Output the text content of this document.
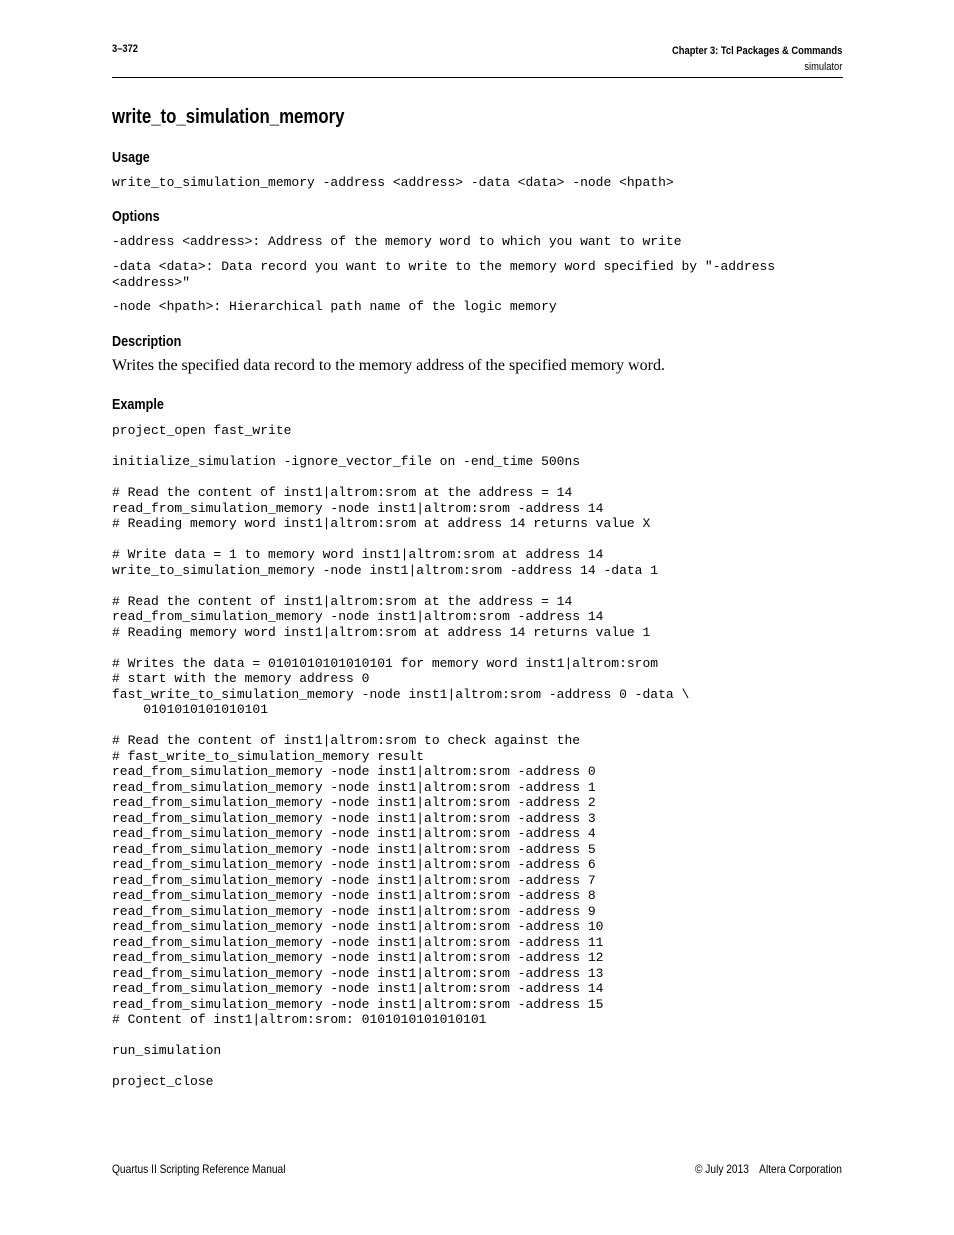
3–372	Chapter 3: Tcl Packages & Commands
simulator
write_to_simulation_memory
Usage

write_to_simulation_memory -address <address> -data <data> -node <hpath>

Options

-address <address>: Address of the memory word to which you want to write

-data <data>: Data record you want to write to the memory word specified by "-address <address>"

-node <hpath>: Hierarchical path name of the logic memory

Description

Writes the specified data record to the memory address of the specified memory word.

Example
project_open fast_write

initialize_simulation -ignore_vector_file on -end_time 500ns

# Read the content of inst1|altrom:srom at the address = 14
read_from_simulation_memory -node inst1|altrom:srom -address 14
# Reading memory word inst1|altrom:srom at address 14 returns value X

# Write data = 1 to memory word inst1|altrom:srom at address 14
write_to_simulation_memory -node inst1|altrom:srom -address 14 -data 1

# Read the content of inst1|altrom:srom at the address = 14
read_from_simulation_memory -node inst1|altrom:srom -address 14
# Reading memory word inst1|altrom:srom at address 14 returns value 1

# Writes the data = 0101010101010101 for memory word inst1|altrom:srom
# start with the memory address 0
fast_write_to_simulation_memory -node inst1|altrom:srom -address 0 -data \
0101010101010101

# Read the content of inst1|altrom:srom to check against the
# fast_write_to_simulation_memory result
read_from_simulation_memory -node inst1|altrom:srom -address 0
read_from_simulation_memory -node inst1|altrom:srom -address 1
read_from_simulation_memory -node inst1|altrom:srom -address 2
read_from_simulation_memory -node inst1|altrom:srom -address 3
read_from_simulation_memory -node inst1|altrom:srom -address 4
read_from_simulation_memory -node inst1|altrom:srom -address 5
read_from_simulation_memory -node inst1|altrom:srom -address 6
read_from_simulation_memory -node inst1|altrom:srom -address 7
read_from_simulation_memory -node inst1|altrom:srom -address 8
read_from_simulation_memory -node inst1|altrom:srom -address 9
read_from_simulation_memory -node inst1|altrom:srom -address 10
read_from_simulation_memory -node inst1|altrom:srom -address 11
read_from_simulation_memory -node inst1|altrom:srom -address 12
read_from_simulation_memory -node inst1|altrom:srom -address 13
read_from_simulation_memory -node inst1|altrom:srom -address 14
read_from_simulation_memory -node inst1|altrom:srom -address 15
# Content of inst1|altrom:srom: 0101010101010101

run_simulation

project_close
Quartus II Scripting Reference Manual	© July 2013 Altera Corporation
